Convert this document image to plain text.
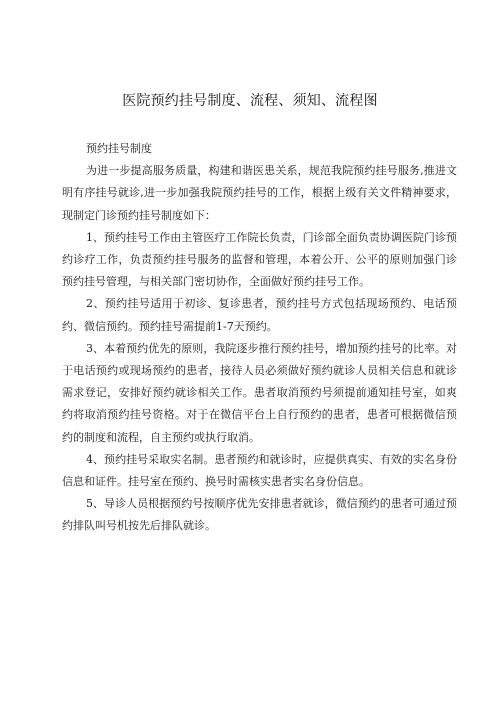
医院预约挂号制度、流程、须知、流程图

预约挂号制度

为进一步提高服务质量，构建和谐医患关系，规范我院预约挂号服务,推进文明有序挂号就诊,进一步加强我院预约挂号的工作，根据上级有关文件精神要求，现制定门诊预约挂号制度如下：

1、预约挂号工作由主管医疗工作院长负责，门诊部全面负责协调医院门诊预约诊疗工作，负责预约挂号服务的监督和管理，本着公开、公平的原则加强门诊预约挂号管理，与相关部门密切协作，全面做好预约挂号工作。

2、预约挂号适用于初诊、复诊患者，预约挂号方式包括现场预约、电话预约、微信预约。预约挂号需提前1-7天预约。

3、本着预约优先的原则，我院逐步推行预约挂号，增加预约挂号的比率。对于电话预约或现场预约的患者，接待人员必须做好预约就诊人员相关信息和就诊需求登记，安排好预约就诊相关工作。患者取消预约号须提前通知挂号室，如爽约将取消预约挂号资格。对于在微信平台上自行预约的患者，患者可根据微信预约的制度和流程，自主预约或执行取消。

4、预约挂号采取实名制。患者预约和就诊时，应提供真实、有效的实名身份信息和证件。挂号室在预约、换号时需核实患者实名身份信息。

5、导诊人员根据预约号按顺序优先安排患者就诊，微信预约的患者可通过预约排队叫号机按先后排队就诊。
